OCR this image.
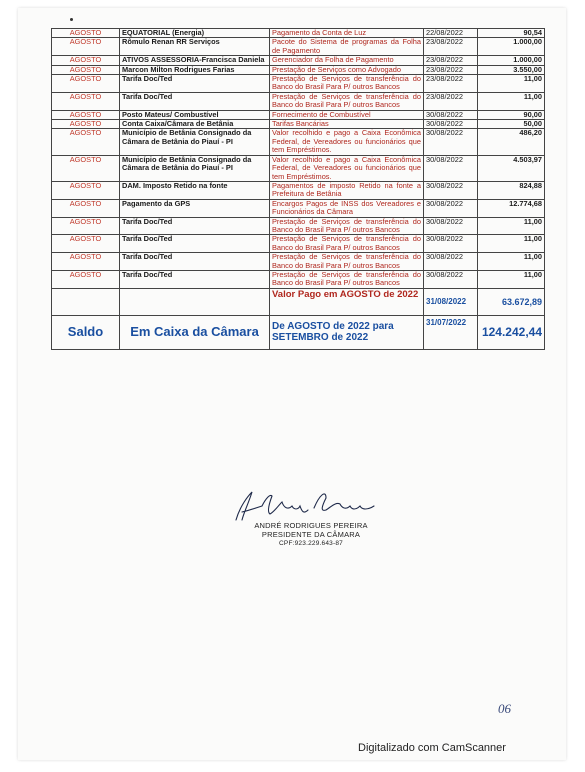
AGOSTO	EQUATORIAL (Energia)	Pagamento da Conta de Luz	22/08/2022	90,54
AGOSTO	Rômulo Renan RR Serviços	Pacote do Sistema de programas da Folha de Pagamento	23/08/2022	1.000,00
AGOSTO	ATIVOS ASSESSORIA-Francisca Daniela	Gerenciador da Folha de Pagamento	23/08/2022	1.000,00
AGOSTO	Marcon Milton Rodrigues Farias	Prestação de Serviços como Advogado	23/08/2022	3.550,00
AGOSTO	Tarifa Doc/Ted	Prestação de Serviços de transferência do Banco do Brasil Para P/ outros Bancos	23/08/2022	11,00
AGOSTO	Tarifa Doc/Ted	Prestação de Serviços de transferência do Banco do Brasil Para P/ outros Bancos	23/08/2022	11,00
AGOSTO	Posto Mateus/ Combustível	Fornecimento de Combustível	30/08/2022	90,00
AGOSTO	Conta Caixa/Câmara de Betânia	Tarifas Bancárias	30/08/2022	50,00
AGOSTO	Município de Betânia Consignado da Câmara de Betânia do Piauí - PI	Valor recolhido e pago a Caixa Econômica Federal, de Vereadores ou funcionários que tem Empréstimos.	30/08/2022	486,20
AGOSTO	Município de Betânia Consignado da Câmara de Betânia do Piauí - PI	Valor recolhido e pago a Caixa Econômica Federal, de Vereadores ou funcionários que tem Empréstimos.	30/08/2022	4.503,97
AGOSTO	DAM. Imposto Retido na fonte	Pagamentos de imposto Retido na fonte a Prefeitura de Betânia	30/08/2022	824,88
AGOSTO	Pagamento da GPS	Encargos Pagos de INSS dos Vereadores e Funcionários da Câmara	30/08/2022	12.774,68
AGOSTO	Tarifa Doc/Ted	Prestação de Serviços de transferência do Banco do Brasil Para P/ outros Bancos	30/08/2022	11,00
AGOSTO	Tarifa Doc/Ted	Prestação de Serviços de transferência do Banco do Brasil Para P/ outros Bancos	30/08/2022	11,00
AGOSTO	Tarifa Doc/Ted	Prestação de Serviços de transferência do Banco do Brasil Para P/ outros Bancos	30/08/2022	11,00
AGOSTO	Tarifa Doc/Ted	Prestação de Serviços de transferência do Banco do Brasil Para P/ outros Bancos	30/08/2022	11,00
		Valor Pago em AGOSTO de 2022	31/08/2022	63.672,89
Saldo	Em Caixa da Câmara	De AGOSTO de 2022 para SETEMBRO de 2022	31/07/2022	124.242,44
ANDRÉ RODRIGUES PEREIRA
PRESIDENTE DA CÂMARA
CPF:923.229.643-87
06
Digitalizado com CamScanner
